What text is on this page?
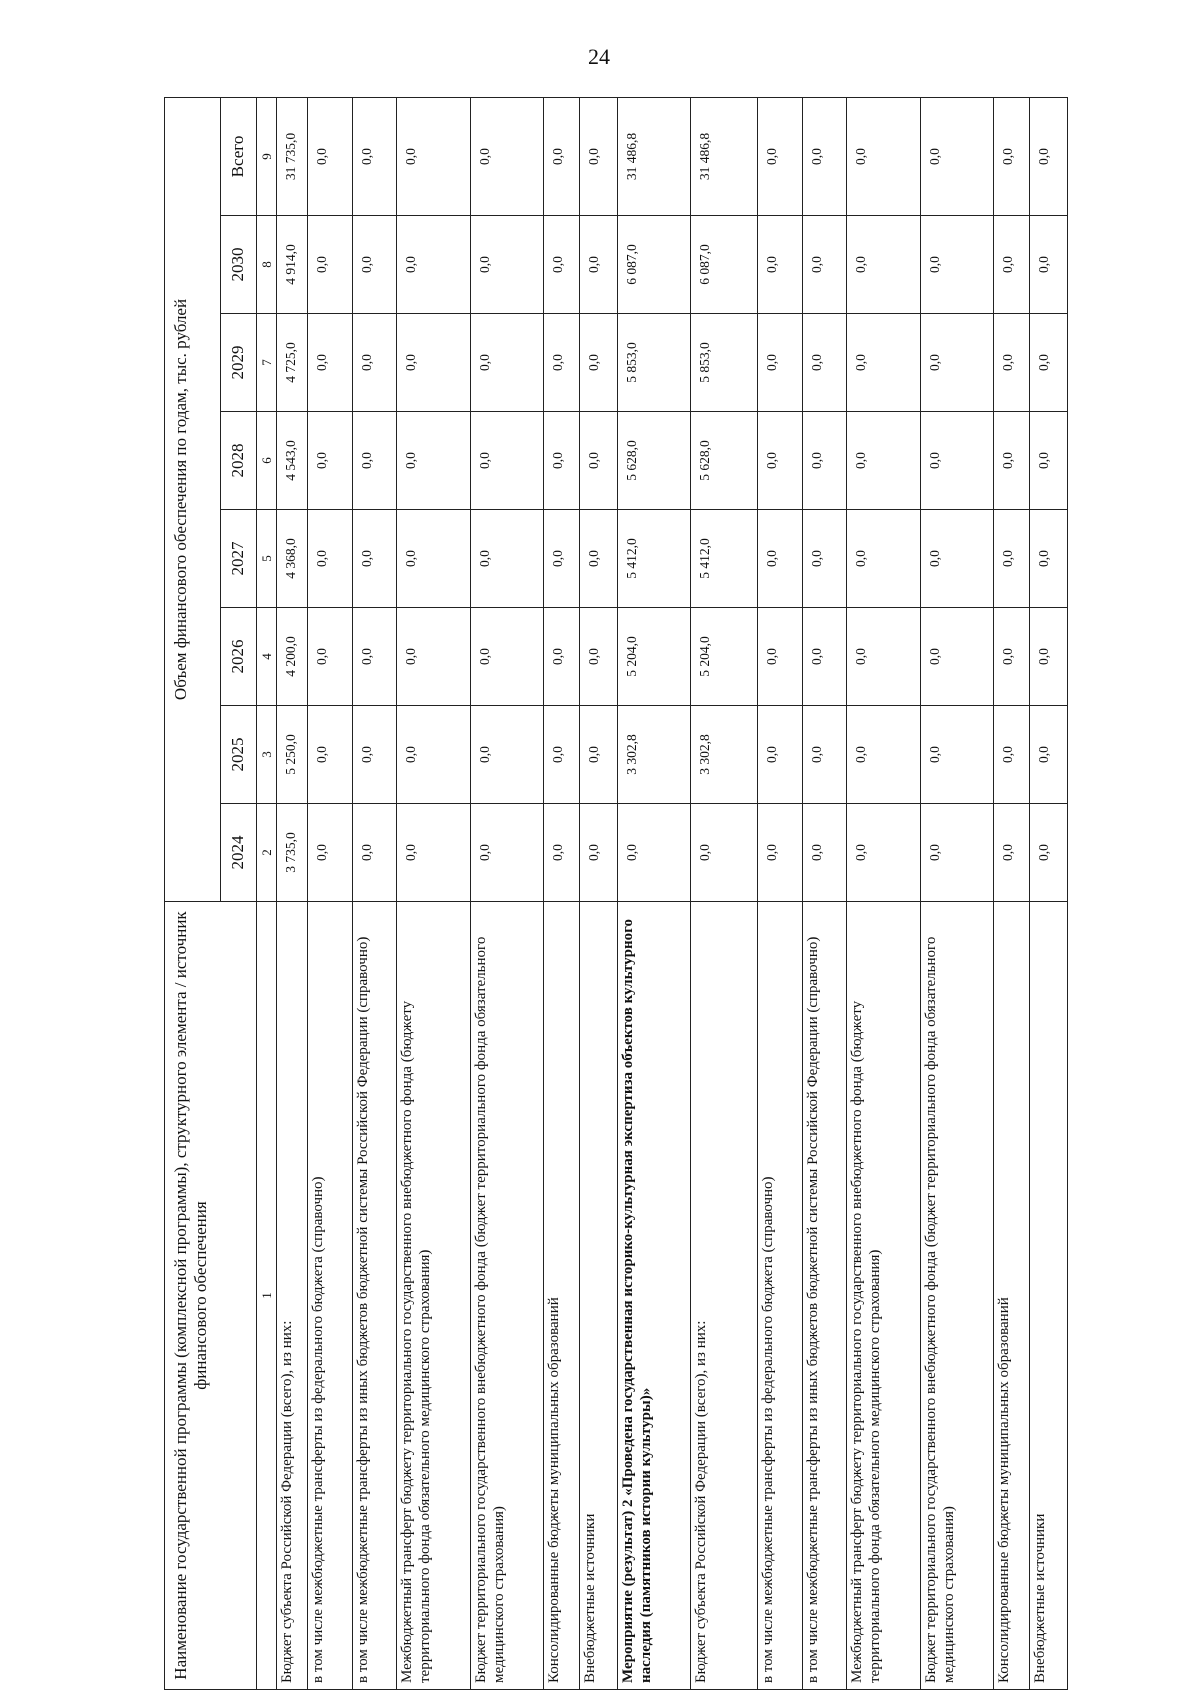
24
Наименование государственной программы (комплексной программы), структурного элемента / источник финансового обеспечения	Объем финансового обеспечения по годам, тыс. рублей							
	2024	2025	2026	2027	2028	2029	2030	Всего
1	2	3	4	5	6	7	8	9
Бюджет субъекта Российской Федерации (всего), из них:	3 735,0	5 250,0	4 200,0	4 368,0	4 543,0	4 725,0	4 914,0	31 735,0
в том числе межбюджетные трансферты из федерального бюджета (справочно)	0,0	0,0	0,0	0,0	0,0	0,0	0,0	0,0
в том числе межбюджетные трансферты из иных бюджетов бюджетной системы Российской Федерации (справочно)	0,0	0,0	0,0	0,0	0,0	0,0	0,0	0,0
Межбюджетный трансферт бюджету территориального государственного внебюджетного фонда (бюджету территориального фонда обязательного медицинского страхования)	0,0	0,0	0,0	0,0	0,0	0,0	0,0	0,0
Бюджет территориального государственного внебюджетного фонда (бюджет территориального фонда обязательного медицинского страхования)	0,0	0,0	0,0	0,0	0,0	0,0	0,0	0,0
Консолидированные бюджеты муниципальных образований	0,0	0,0	0,0	0,0	0,0	0,0	0,0	0,0
Внебюджетные источники	0,0	0,0	0,0	0,0	0,0	0,0	0,0	0,0
Мероприятие (результат) 2 «Проведена государственная историко-культурная экспертиза объектов культурного наследия (памятников истории культуры)»	0,0	3 302,8	5 204,0	5 412,0	5 628,0	5 853,0	6 087,0	31 486,8
Бюджет субъекта Российской Федерации (всего), из них:	0,0	3 302,8	5 204,0	5 412,0	5 628,0	5 853,0	6 087,0	31 486,8
в том числе межбюджетные трансферты из федерального бюджета (справочно)	0,0	0,0	0,0	0,0	0,0	0,0	0,0	0,0
в том числе межбюджетные трансферты из иных бюджетов бюджетной системы Российской Федерации (справочно)	0,0	0,0	0,0	0,0	0,0	0,0	0,0	0,0
Межбюджетный трансферт бюджету территориального государственного внебюджетного фонда (бюджету территориального фонда обязательного медицинского страхования)	0,0	0,0	0,0	0,0	0,0	0,0	0,0	0,0
Бюджет территориального государственного внебюджетного фонда (бюджет территориального фонда обязательного медицинского страхования)	0,0	0,0	0,0	0,0	0,0	0,0	0,0	0,0
Консолидированные бюджеты муниципальных образований	0,0	0,0	0,0	0,0	0,0	0,0	0,0	0,0
Внебюджетные источники	0,0	0,0	0,0	0,0	0,0	0,0	0,0	0,0
